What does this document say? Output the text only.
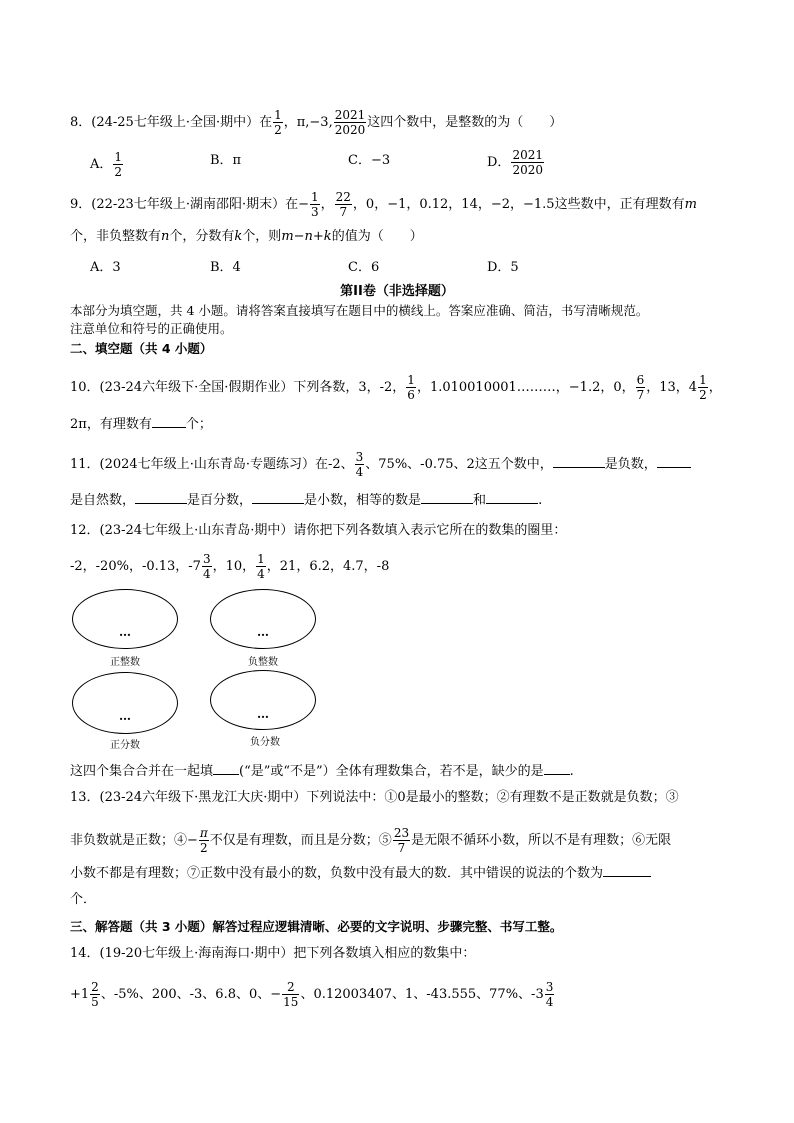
8．(24-25七年级上·全国·期中）在 $\frac{1}{2}$ ，π,−3, $\frac{2021}{2020}$ 这四个数中，是整数的为（　　）
A． $\frac{1}{2}$	B．π	C．−3	D． $\frac{2021}{2020}$
9．(22-23七年级上·湖南邵阳·期末）在− $\frac{1}{3}$ ， $\frac{22}{7}$ ，0，−1，0.12，14，−2，−1.5这些数中，正有理数有m
个，非负整数有n个，分数有k个，则m−n+k的值为（　　）
A．3	B．4	C．6	D．5
第II卷（非选择题）
本部分为填空题，共 4 小题。请将答案直接填写在题目中的横线上。答案应准确、简洁，书写清晰规范。
注意单位和符号的正确使用。
二、填空题（共 4 小题）
10．(23-24六年级下·全国·假期作业）下列各数，3，-2， $\frac{1}{6}$ ，1.010010001………，−1.2，0， $\frac{6}{7}$ ，13，$4 \frac{1}{2}$ ，
2π，有理数有	个；
11．(2024七年级上·山东青岛·专题练习）在-2、 $\frac{3}{4}$ 、75%、-0.75、2这五个数中，	是负数，
是自然数，	是百分数，	是小数，相等的数是	和	.
12．(23-24七年级上·山东青岛·期中）请你把下列各数填入表示它所在的数集的圈里：
-2，-20%，-0.13，$-7 \frac{3}{4}$ ，10， $\frac{1}{4}$ ，21，6.2，4.7，-8
…
正整数
…
负整数
…
正分数
…
负分数
这四个集合合并在一起填 (“是”或“不是”）全体有理数集合，若不是，缺少的是 .
13．(23-24六年级下·黑龙江大庆·期中）下列说法中：①0是最小的整数；②有理数不是正数就是负数；③
非负数就是正数；④− $\frac{\pi}{2}$ 不仅是有理数，而且是分数；⑤ $\frac{23}{7}$ 是无限不循环小数，所以不是有理数；⑥无限
小数不都是有理数；⑦正数中没有最小的数，负数中没有最大的数．其中错误的说法的个数为
个．
三、解答题（共 3 小题）解答过程应逻辑清晰、必要的文字说明、步骤完整、书写工整。
14．(19-20七年级上·海南海口·期中）把下列各数填入相应的数集中：
$+1 \frac{2}{5}$ 、-5%、200、-3、6.8、0、− $\frac{2}{15}$ 、0.12003407、1、-43.555、77%、$-3 \frac{3}{4}$
